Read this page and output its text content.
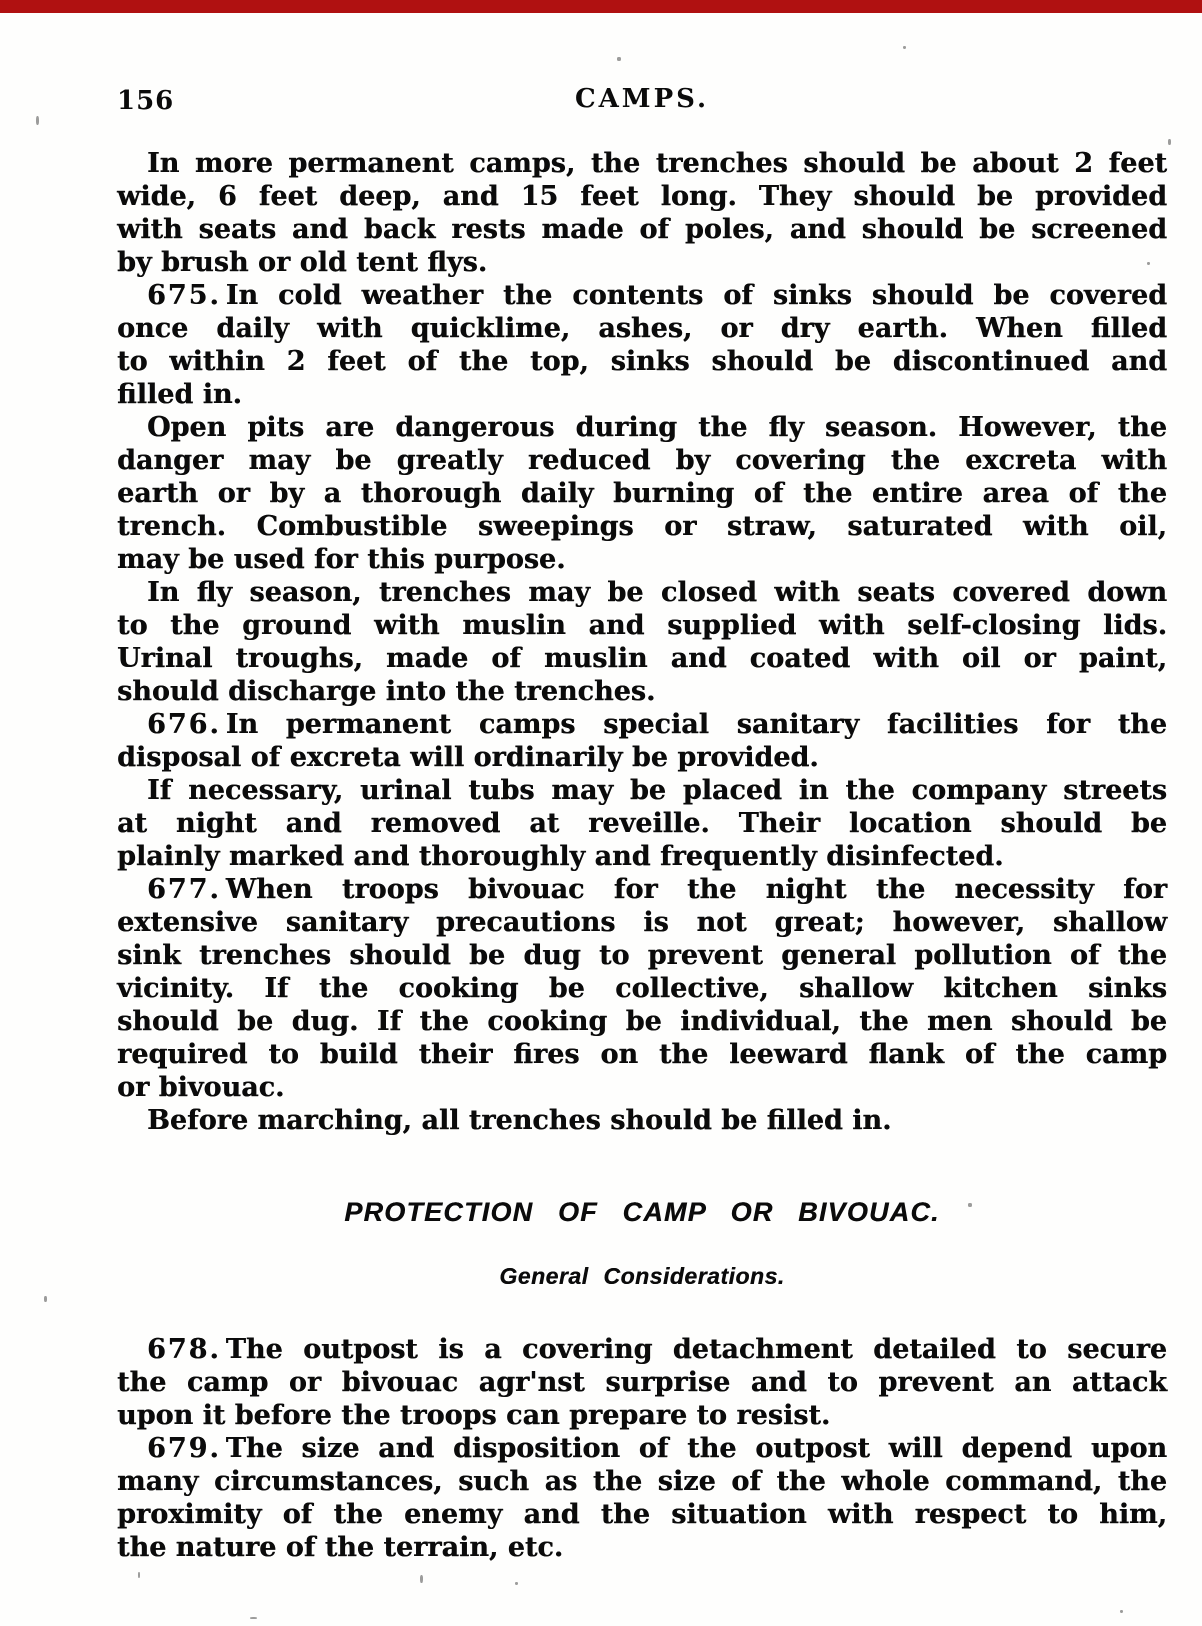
156	CAMPS.
In more permanent camps, the trenches should be about 2 feet
wide, 6 feet deep, and 15 feet long. They should be provided
with seats and back rests made of poles, and should be screened
by brush or old tent flys.
675. In cold weather the contents of sinks should be covered
once daily with quicklime, ashes, or dry earth. When filled
to within 2 feet of the top, sinks should be discontinued and
filled in.
Open pits are dangerous during the fly season. However, the
danger may be greatly reduced by covering the excreta with
earth or by a thorough daily burning of the entire area of the
trench. Combustible sweepings or straw, saturated with oil,
may be used for this purpose.
In fly season, trenches may be closed with seats covered down
to the ground with muslin and supplied with self-closing lids.
Urinal troughs, made of muslin and coated with oil or paint,
should discharge into the trenches.
676. In permanent camps special sanitary facilities for the
disposal of excreta will ordinarily be provided.
If necessary, urinal tubs may be placed in the company streets
at night and removed at reveille. Their location should be
plainly marked and thoroughly and frequently disinfected.
677. When troops bivouac for the night the necessity for
extensive sanitary precautions is not great; however, shallow
sink trenches should be dug to prevent general pollution of the
vicinity. If the cooking be collective, shallow kitchen sinks
should be dug. If the cooking be individual, the men should be
required to build their fires on the leeward flank of the camp
or bivouac.
Before marching, all trenches should be filled in.
PROTECTION OF CAMP OR BIVOUAC.
General Considerations.
678. The outpost is a covering detachment detailed to secure
the camp or bivouac agr'nst surprise and to prevent an attack
upon it before the troops can prepare to resist.
679. The size and disposition of the outpost will depend upon
many circumstances, such as the size of the whole command, the
proximity of the enemy and the situation with respect to him,
the nature of the terrain, etc.
